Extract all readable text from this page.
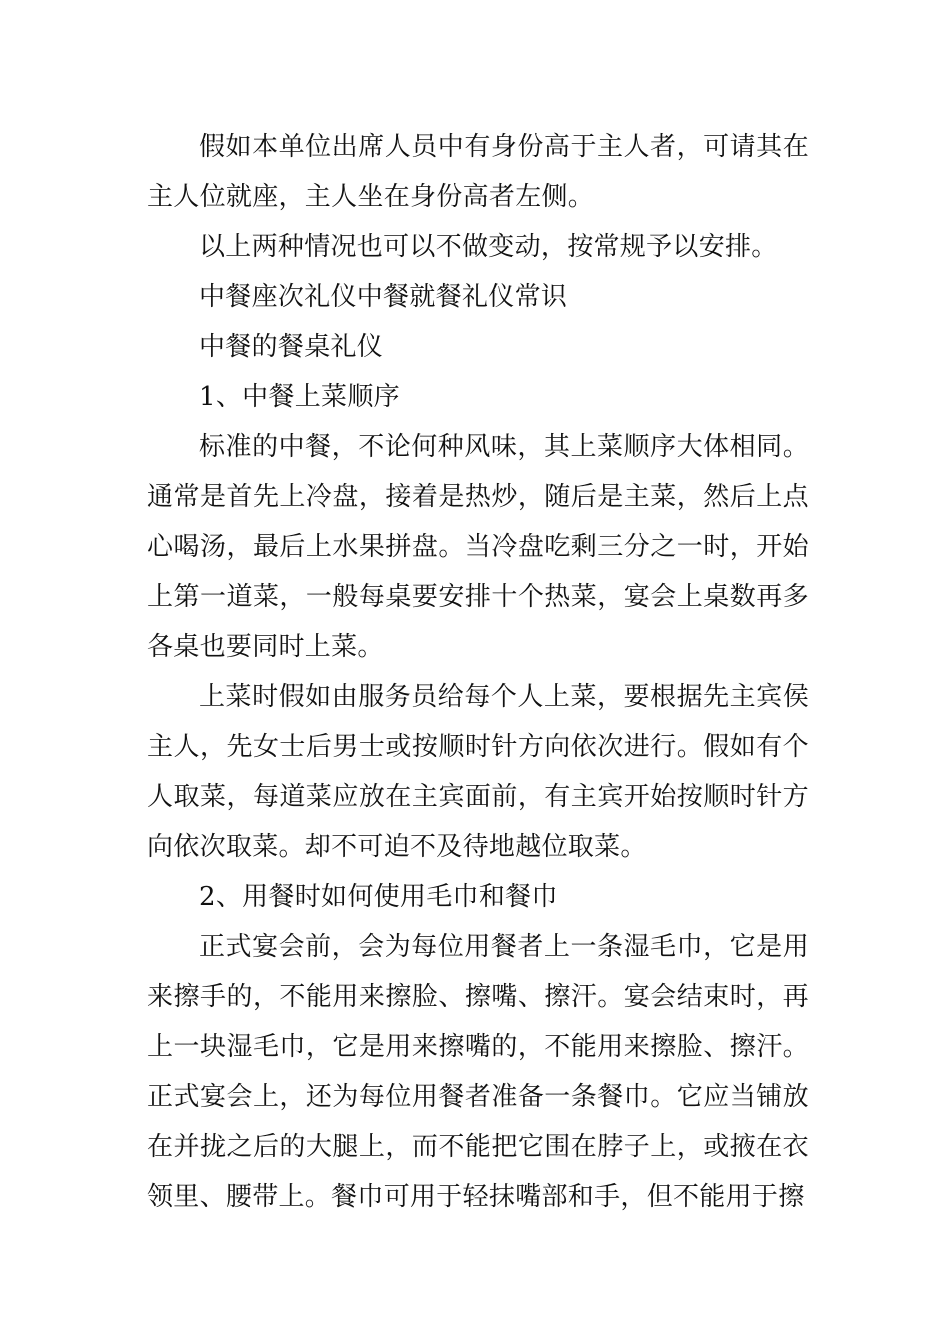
假如本单位出席人员中有身份高于主人者，可请其在主人位就座，主人坐在身份高者左侧。

以上两种情况也可以不做变动，按常规予以安排。

中餐座次礼仪中餐就餐礼仪常识

中餐的餐桌礼仪

1、中餐上菜顺序

标准的中餐，不论何种风味，其上菜顺序大体相同。通常是首先上冷盘，接着是热炒，随后是主菜，然后上点心喝汤，最后上水果拼盘。当冷盘吃剩三分之一时，开始上第一道菜，一般每桌要安排十个热菜，宴会上桌数再多各桌也要同时上菜。

上菜时假如由服务员给每个人上菜，要根据先主宾侯主人，先女士后男士或按顺时针方向依次进行。假如有个人取菜，每道菜应放在主宾面前，有主宾开始按顺时针方向依次取菜。却不可迫不及待地越位取菜。

2、用餐时如何使用毛巾和餐巾

正式宴会前，会为每位用餐者上一条湿毛巾，它是用来擦手的，不能用来擦脸、擦嘴、擦汗。宴会结束时，再上一块湿毛巾，它是用来擦嘴的，不能用来擦脸、擦汗。正式宴会上，还为每位用餐者准备一条餐巾。它应当铺放在并拢之后的大腿上，而不能把它围在脖子上，或掖在衣领里、腰带上。餐巾可用于轻抹嘴部和手，但不能用于擦
